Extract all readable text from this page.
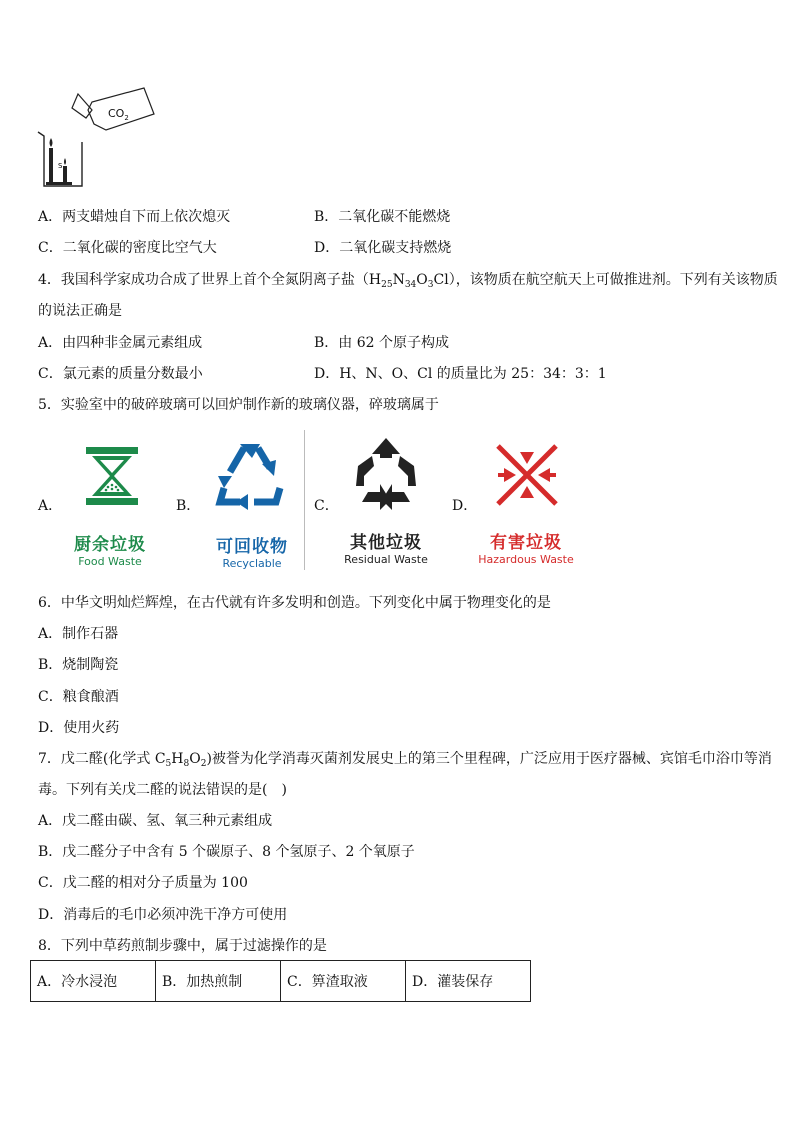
$CO_2$
S
A．两支蜡烛自下而上依次熄灭	B．二氧化碳不能燃烧
C．二氧化碳的密度比空气大	D．二氧化碳支持燃烧
4．我国科学家成功合成了世界上首个全氮阴离子盐$(H_{25}N_{34}O_3Cl)$，该物质在航空航天上可做推进剂。下列有关该物质
的说法正确是
A．由四种非金属元素组成	B．由 62 个原子构成
C．氯元素的质量分数最小	D．H、N、O、Cl 的质量比为 25：34：3：1
5．实验室中的破碎玻璃可以回炉制作新的玻璃仪器，碎玻璃属于
A．	B．	C．	D．
厨余垃圾
Food Waste
可回收物
Recyclable
其他垃圾
Residual Waste
有害垃圾
Hazardous Waste
6．中华文明灿烂辉煌，在古代就有许多发明和创造。下列变化中属于物理变化的是
A．制作石器
B．烧制陶瓷
C．粮食酿酒
D．使用火药
7．戊二醛(化学式 $C_5H_8O_2$)被誉为化学消毒灭菌剂发展史上的第三个里程碑，广泛应用于医疗器械、宾馆毛巾浴巾等消
毒。下列有关戊二醛的说法错误的是(　)
A．戊二醛由碳、氢、氧三种元素组成
B．戊二醛分子中含有 5 个碳原子、8 个氢原子、2 个氧原子
C．戊二醛的相对分子质量为 100
D．消毒后的毛巾必须冲洗干净方可使用
8．下列中草药煎制步骤中，属于过滤操作的是
A．冷水浸泡	B．加热煎制	C．箅渣取液	D．灌装保存
